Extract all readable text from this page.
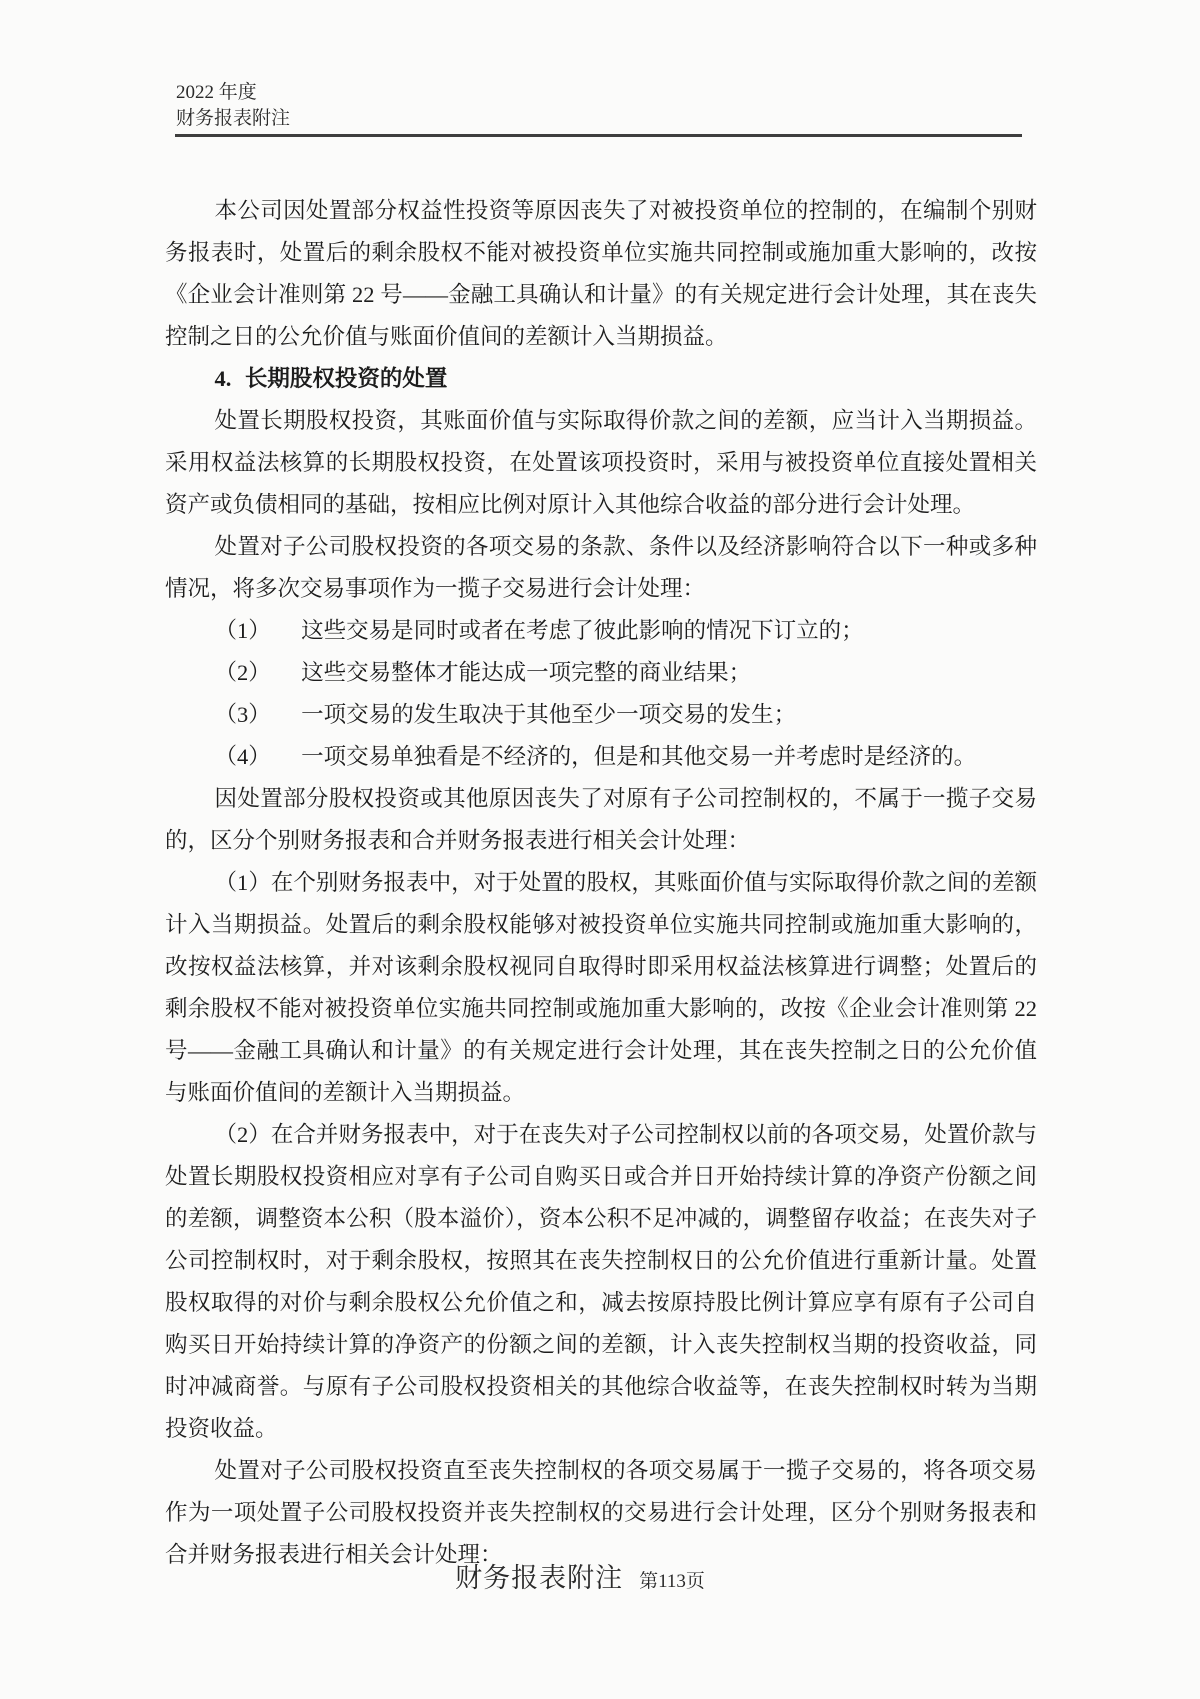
2022 年度
财务报表附注

本公司因处置部分权益性投资等原因丧失了对被投资单位的控制的，在编制个别财务报表时，处置后的剩余股权不能对被投资单位实施共同控制或施加重大影响的，改按《企业会计准则第 22 号——金融工具确认和计量》的有关规定进行会计处理，其在丧失控制之日的公允价值与账面价值间的差额计入当期损益。

4. 长期股权投资的处置

处置长期股权投资，其账面价值与实际取得价款之间的差额，应当计入当期损益。采用权益法核算的长期股权投资，在处置该项投资时，采用与被投资单位直接处置相关资产或负债相同的基础，按相应比例对原计入其他综合收益的部分进行会计处理。

处置对子公司股权投资的各项交易的条款、条件以及经济影响符合以下一种或多种情况，将多次交易事项作为一揽子交易进行会计处理：

（1） 这些交易是同时或者在考虑了彼此影响的情况下订立的；

（2） 这些交易整体才能达成一项完整的商业结果；

（3） 一项交易的发生取决于其他至少一项交易的发生；

（4） 一项交易单独看是不经济的，但是和其他交易一并考虑时是经济的。

因处置部分股权投资或其他原因丧失了对原有子公司控制权的，不属于一揽子交易的，区分个别财务报表和合并财务报表进行相关会计处理：

（1）在个别财务报表中，对于处置的股权，其账面价值与实际取得价款之间的差额计入当期损益。处置后的剩余股权能够对被投资单位实施共同控制或施加重大影响的，改按权益法核算，并对该剩余股权视同自取得时即采用权益法核算进行调整；处置后的剩余股权不能对被投资单位实施共同控制或施加重大影响的，改按《企业会计准则第 22 号——金融工具确认和计量》的有关规定进行会计处理，其在丧失控制之日的公允价值与账面价值间的差额计入当期损益。

（2）在合并财务报表中，对于在丧失对子公司控制权以前的各项交易，处置价款与处置长期股权投资相应对享有子公司自购买日或合并日开始持续计算的净资产份额之间的差额，调整资本公积（股本溢价），资本公积不足冲减的，调整留存收益；在丧失对子公司控制权时，对于剩余股权，按照其在丧失控制权日的公允价值进行重新计量。处置股权取得的对价与剩余股权公允价值之和，减去按原持股比例计算应享有原有子公司自购买日开始持续计算的净资产的份额之间的差额，计入丧失控制权当期的投资收益，同时冲减商誉。与原有子公司股权投资相关的其他综合收益等，在丧失控制权时转为当期投资收益。

处置对子公司股权投资直至丧失控制权的各项交易属于一揽子交易的，将各项交易作为一项处置子公司股权投资并丧失控制权的交易进行会计处理，区分个别财务报表和合并财务报表进行相关会计处理：

财务报表附注 第113页
